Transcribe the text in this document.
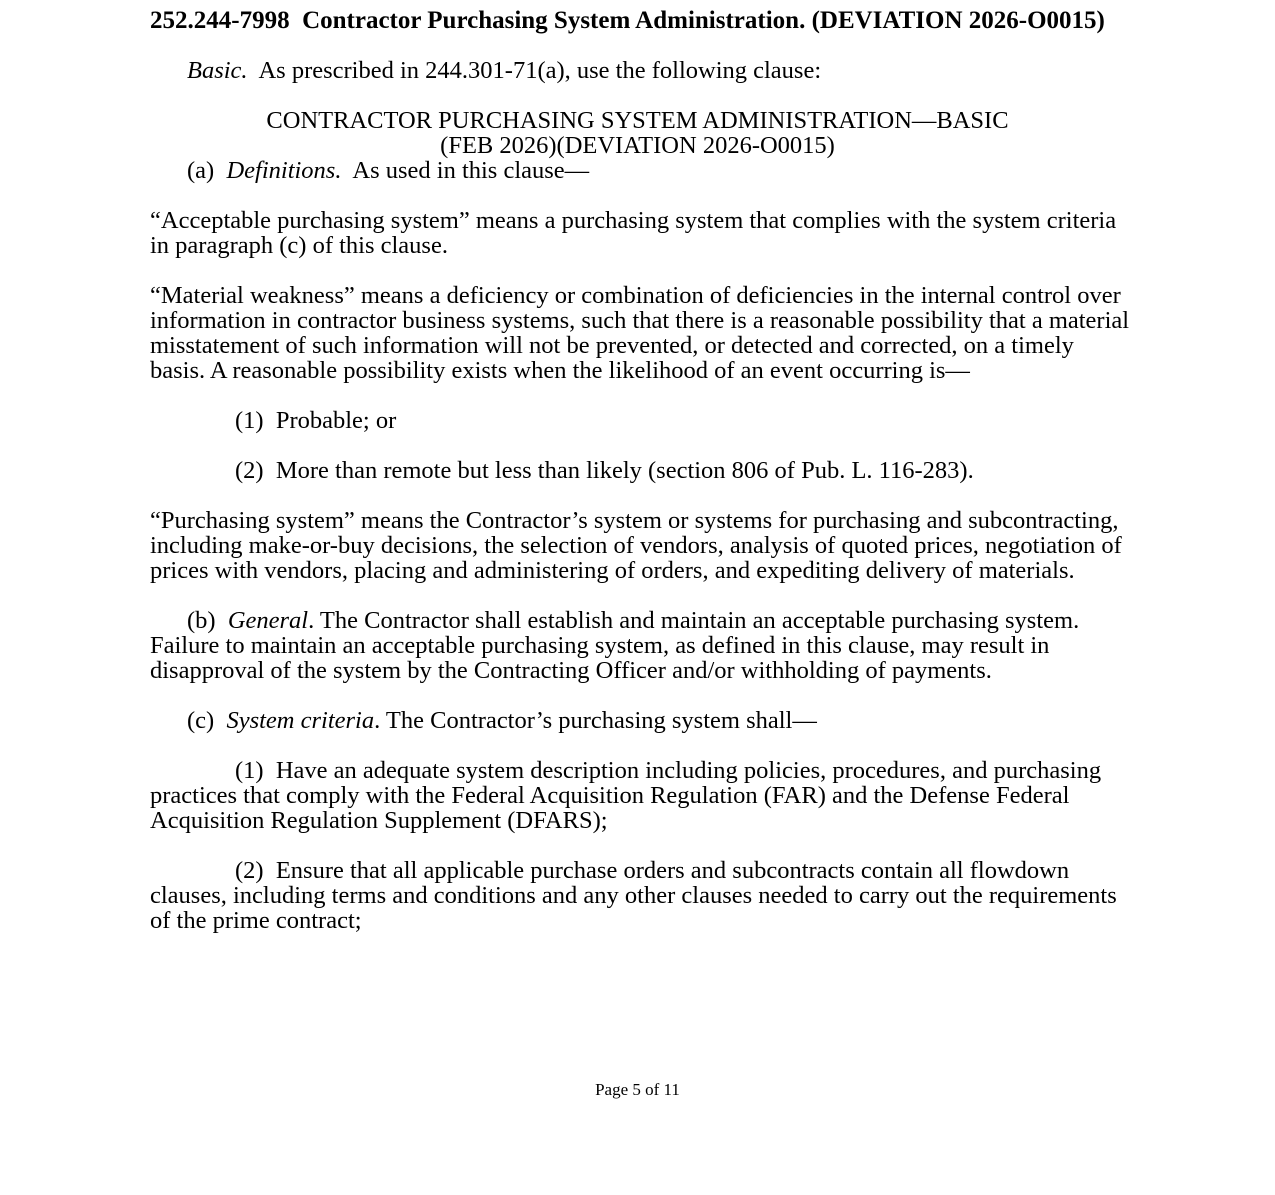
252.244-7998 Contractor Purchasing System Administration. (DEVIATION 2026-O0015)
Basic. As prescribed in 244.301-71(a), use the following clause:
CONTRACTOR PURCHASING SYSTEM ADMINISTRATION—BASIC
(FEB 2026)(DEVIATION 2026-O0015)
(a) Definitions. As used in this clause—
“Acceptable purchasing system” means a purchasing system that complies with the system criteria in paragraph (c) of this clause.
“Material weakness” means a deficiency or combination of deficiencies in the internal control over information in contractor business systems, such that there is a reasonable possibility that a material misstatement of such information will not be prevented, or detected and corrected, on a timely basis. A reasonable possibility exists when the likelihood of an event occurring is—
(1) Probable; or
(2) More than remote but less than likely (section 806 of Pub. L. 116-283).
“Purchasing system” means the Contractor’s system or systems for purchasing and subcontracting, including make-or-buy decisions, the selection of vendors, analysis of quoted prices, negotiation of prices with vendors, placing and administering of orders, and expediting delivery of materials.
(b) General. The Contractor shall establish and maintain an acceptable purchasing system. Failure to maintain an acceptable purchasing system, as defined in this clause, may result in disapproval of the system by the Contracting Officer and/or withholding of payments.
(c) System criteria. The Contractor’s purchasing system shall—
(1) Have an adequate system description including policies, procedures, and purchasing practices that comply with the Federal Acquisition Regulation (FAR) and the Defense Federal Acquisition Regulation Supplement (DFARS);
(2) Ensure that all applicable purchase orders and subcontracts contain all flowdown clauses, including terms and conditions and any other clauses needed to carry out the requirements of the prime contract;
Page 5 of 11
